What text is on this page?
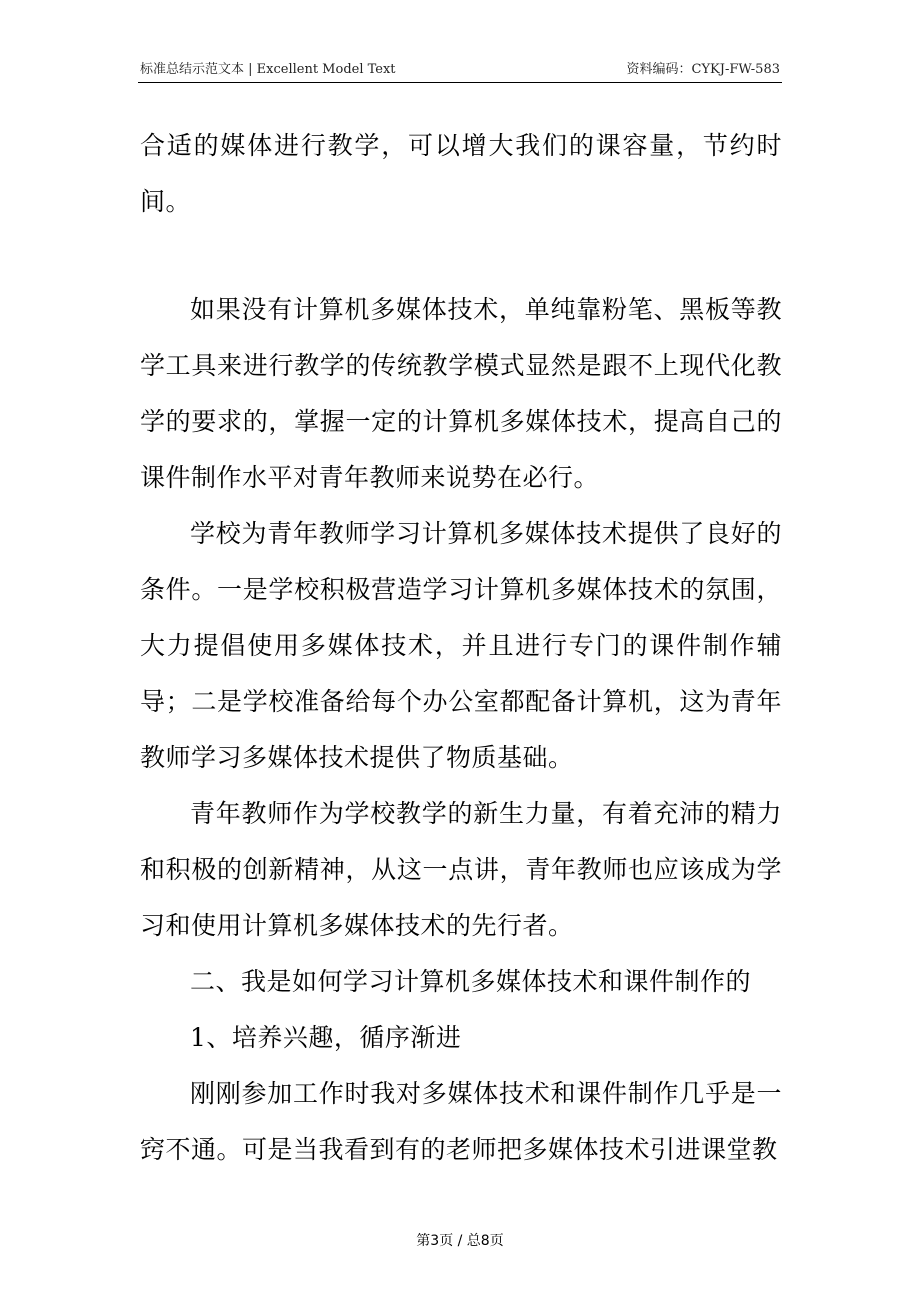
标准总结示范文本 | Excellent Model Text	资料编码：CYKJ-FW-583

合适的媒体进行教学，可以增大我们的课容量，节约时间。

如果没有计算机多媒体技术，单纯靠粉笔、黑板等教学工具来进行教学的传统教学模式显然是跟不上现代化教学的要求的，掌握一定的计算机多媒体技术，提高自己的课件制作水平对青年教师来说势在必行。

学校为青年教师学习计算机多媒体技术提供了良好的条件。一是学校积极营造学习计算机多媒体技术的氛围，大力提倡使用多媒体技术，并且进行专门的课件制作辅导；二是学校准备给每个办公室都配备计算机，这为青年教师学习多媒体技术提供了物质基础。

青年教师作为学校教学的新生力量，有着充沛的精力和积极的创新精神，从这一点讲，青年教师也应该成为学习和使用计算机多媒体技术的先行者。

二、我是如何学习计算机多媒体技术和课件制作的

1、培养兴趣，循序渐进

刚刚参加工作时我对多媒体技术和课件制作几乎是一窍不通。可是当我看到有的老师把多媒体技术引进课堂教

第3页 / 总8页
